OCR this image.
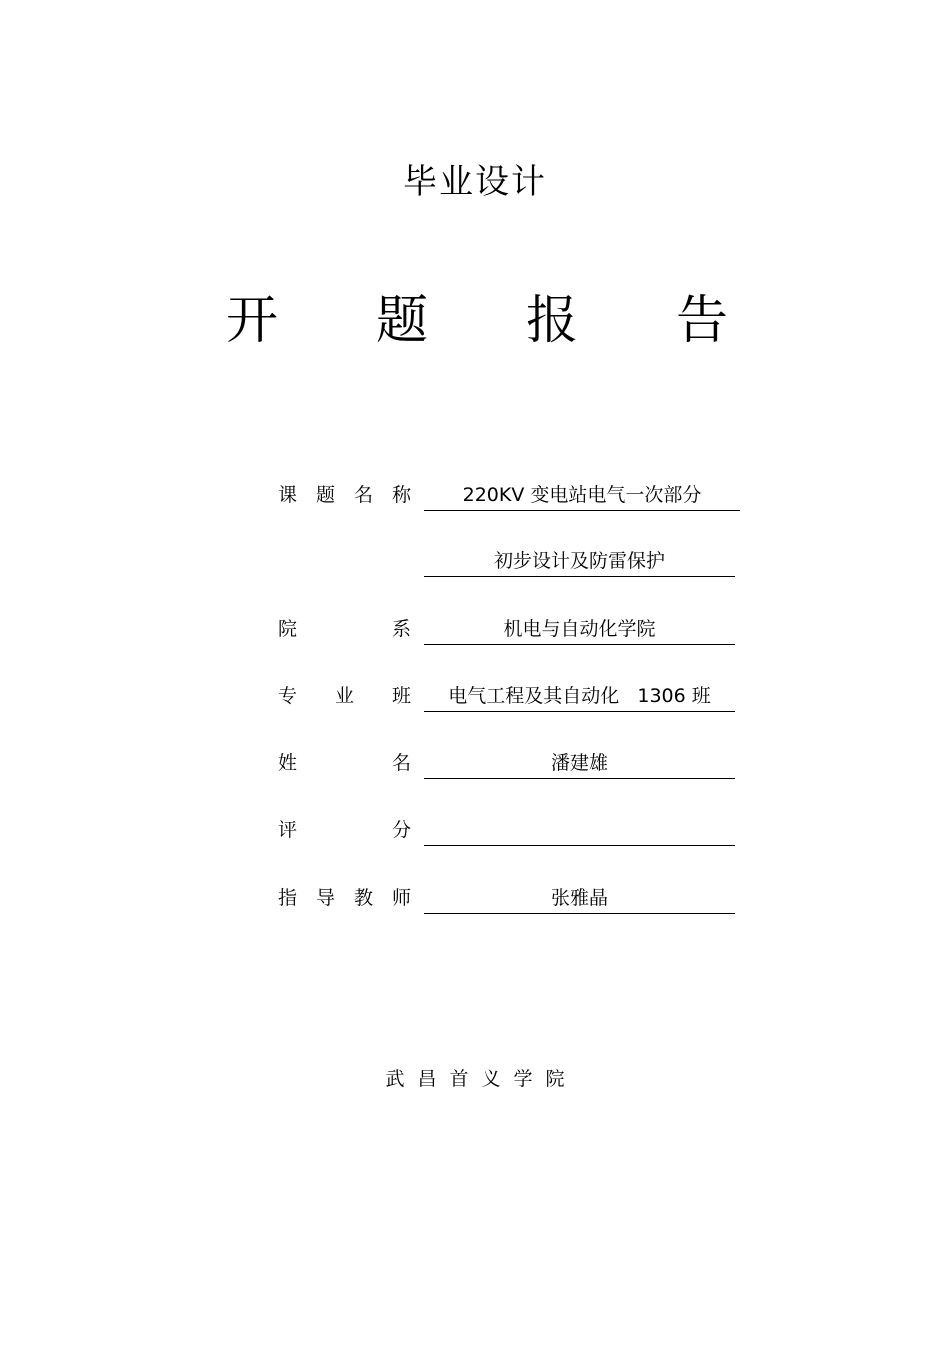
毕业设计
开 题 报 告
课 题 名 称	220KV 变电站电气一次部分
初步设计及防雷保护
院	系	机电与自动化学院
专 业 班	电气工程及其自动化   1306 班
姓	名	潘建雄
评	分
指 导 教 师	张雅晶
武昌首义学院
